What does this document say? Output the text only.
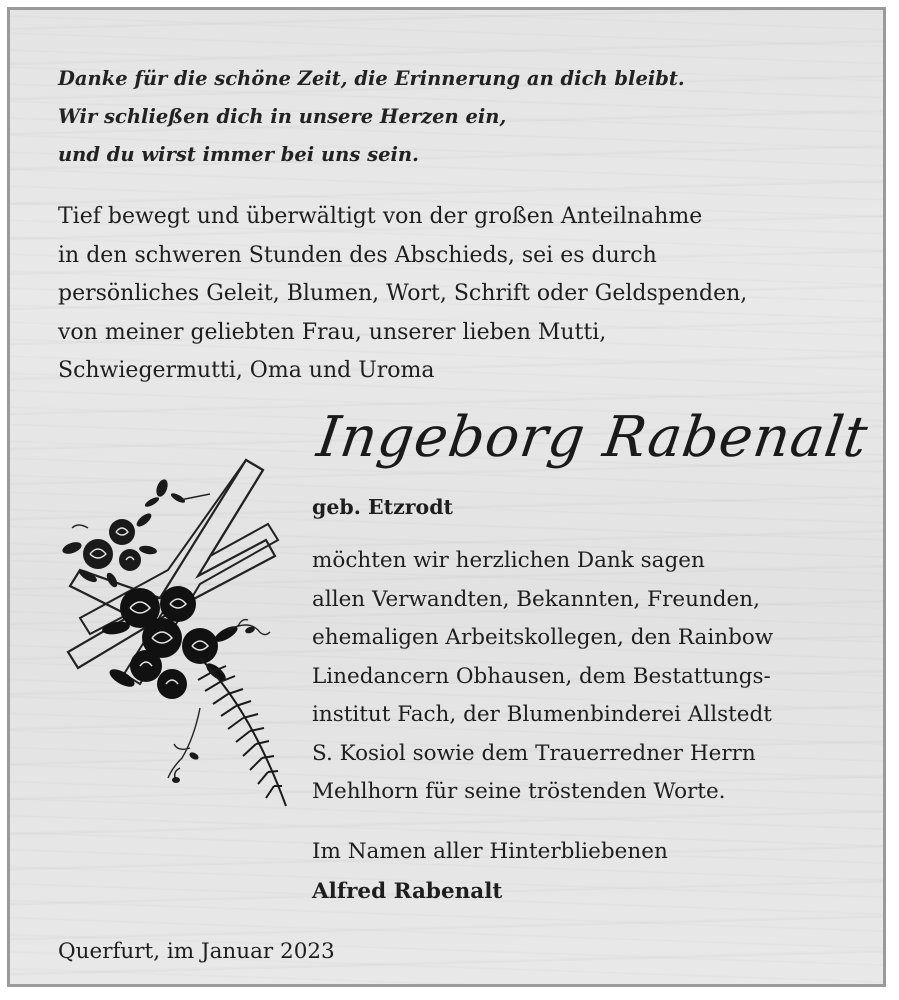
Danke für die schöne Zeit, die Erinnerung an dich bleibt.
Wir schließen dich in unsere Herzen ein,
und du wirst immer bei uns sein.
Tief bewegt und überwältigt von der großen Anteilnahme
in den schweren Stunden des Abschieds, sei es durch
persönliches Geleit, Blumen, Wort, Schrift oder Geldspenden,
von meiner geliebten Frau, unserer lieben Mutti,
Schwiegermutti, Oma und Uroma
Ingeborg Rabenalt
geb. Etzrodt
möchten wir herzlichen Dank sagen
allen Verwandten, Bekannten, Freunden,
ehemaligen Arbeitskollegen, den Rainbow
Linedancern Obhausen, dem Bestattungs-
institut Fach, der Blumenbinderei Allstedt
S. Kosiol sowie dem Trauerredner Herrn
Mehlhorn für seine tröstenden Worte.
Im Namen aller Hinterbliebenen
Alfred Rabenalt
Querfurt, im Januar 2023
